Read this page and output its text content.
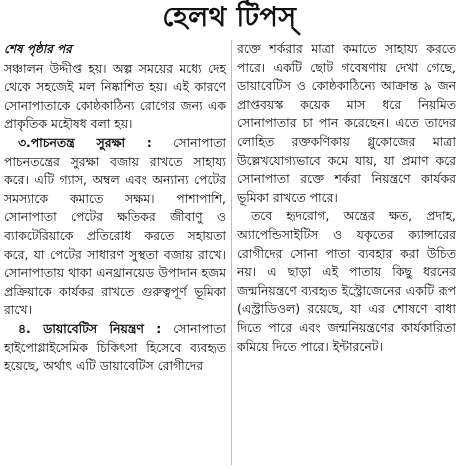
হেলথ টিপস্

শেষ পৃষ্ঠার পর

সঞ্চালন উদ্দীপ্ত হয়। অল্প সময়ের মধ্যে দেহ থেকে সহজেই মল নিষ্কাশিত হয়। এই কারণে সোনাপাতাকে কোষ্ঠকাঠিন্য রোগের জন্য এক প্রাকৃতিক মহৌষধ বলা হয়।

৩.পাচনতন্ত্র সুরক্ষা : সোনাপাতা পাচনতন্ত্রের সুরক্ষা বজায় রাখতে সাহায্য করে। এটি গ্যাস, অম্বল এবং অন্যান্য পেটের সমস্যাকে কমাতে সক্ষম। পাশাপাশি, সোনাপাতা পেটের ক্ষতিকর জীবাণু ও ব্যাকটেরিয়াকে প্রতিরোধ করতে সহায়তা করে, যা পেটের সাধারণ সুস্থতা বজায় রাখে। সোনাপাতায় থাকা এনথ্রানয়েড উপাদান হজম প্রক্রিয়াকে কার্যকর রাখতে গুরুত্বপূর্ণ ভূমিকা রাখে।

৪. ডায়াবেটিস নিয়ন্ত্রণ : সোনাপাতা হাইপোগ্লাইসেমিক চিকিৎসা হিসেবে ব্যবহৃত হয়েছে, অর্থাৎ এটি ডায়াবেটিস রোগীদের

রক্তে শর্করার মাত্রা কমাতে সাহায্য করতে পারে। একটি ছোট গবেষণায় দেখা গেছে, ডায়াবেটিস ও কোষ্ঠকাঠিন্যে আক্রান্ত ৯ জন প্রাপ্তবয়স্ক কয়েক মাস ধরে নিয়মিত সোনাপাতার চা পান করেছেন। এতে তাদের লোহিত রক্তকণিকায় গ্লুকোজের মাত্রা উল্লেখযোগ্যভাবে কমে যায়, যা প্রমাণ করে সোনাপাতা রক্তে শর্করা নিয়ন্ত্রণে কার্যকর ভূমিকা রাখতে পারে।

তবে হৃদরোগ, অন্ত্রের ক্ষত, প্রদাহ, অ্যাপেন্ডিসাইটিস ও যকৃতের ক্যান্সারের রোগীদের সোনা পাতা ব্যবহার করা উচিত নয়। এ ছাড়া এই পাতায় কিছু ধরনের জন্মনিয়ন্ত্রণে ব্যবহৃত ইস্ট্রোজেনের একটি রূপ (এস্ট্রাডিওল) রয়েছে, যা এর শোষণে বাধা দিতে পারে এবং জন্মনিয়ন্ত্রণের কার্যকারিতা কমিয়ে দিতে পারে। ইন্টারনেট।
